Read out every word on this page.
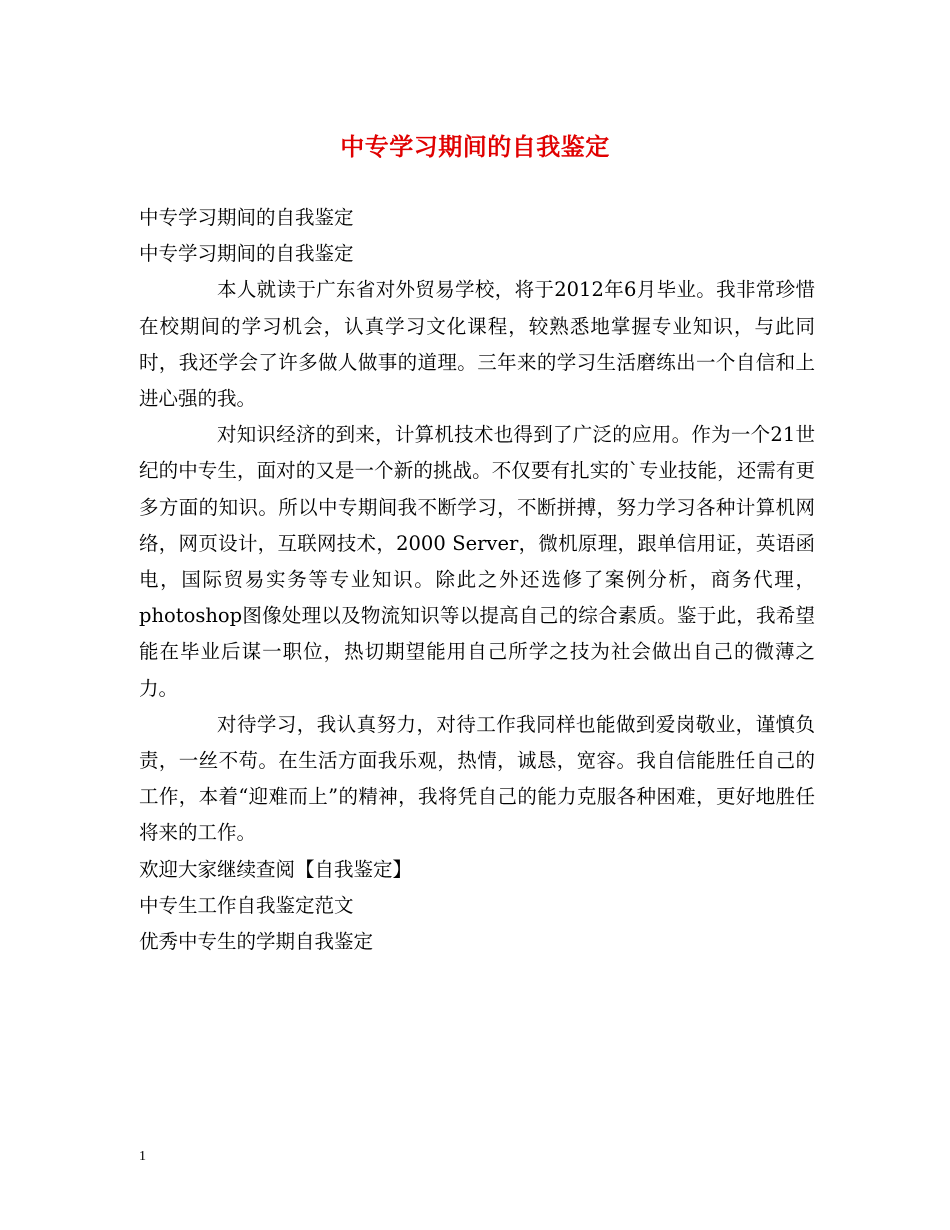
中专学习期间的自我鉴定
中专学习期间的自我鉴定
中专学习期间的自我鉴定
本人就读于广东省对外贸易学校，将于2012年6月毕业。我非常珍惜在校期间的学习机会，认真学习文化课程，较熟悉地掌握专业知识，与此同时，我还学会了许多做人做事的道理。三年来的学习生活磨练出一个自信和上进心强的我。
对知识经济的到来，计算机技术也得到了广泛的应用。作为一个21世纪的中专生，面对的又是一个新的挑战。不仅要有扎实的`专业技能，还需有更多方面的知识。所以中专期间我不断学习，不断拼搏，努力学习各种计算机网络，网页设计，互联网技术，2000 Server，微机原理，跟单信用证，英语函电，国际贸易实务等专业知识。除此之外还选修了案例分析，商务代理，photoshop图像处理以及物流知识等以提高自己的综合素质。鉴于此，我希望能在毕业后谋一职位，热切期望能用自己所学之技为社会做出自己的微薄之力。
对待学习，我认真努力，对待工作我同样也能做到爱岗敬业，谨慎负责，一丝不苟。在生活方面我乐观，热情，诚恳，宽容。我自信能胜任自己的工作，本着“迎难而上”的精神，我将凭自己的能力克服各种困难，更好地胜任将来的工作。
欢迎大家继续查阅【自我鉴定】
中专生工作自我鉴定范文
优秀中专生的学期自我鉴定
1
